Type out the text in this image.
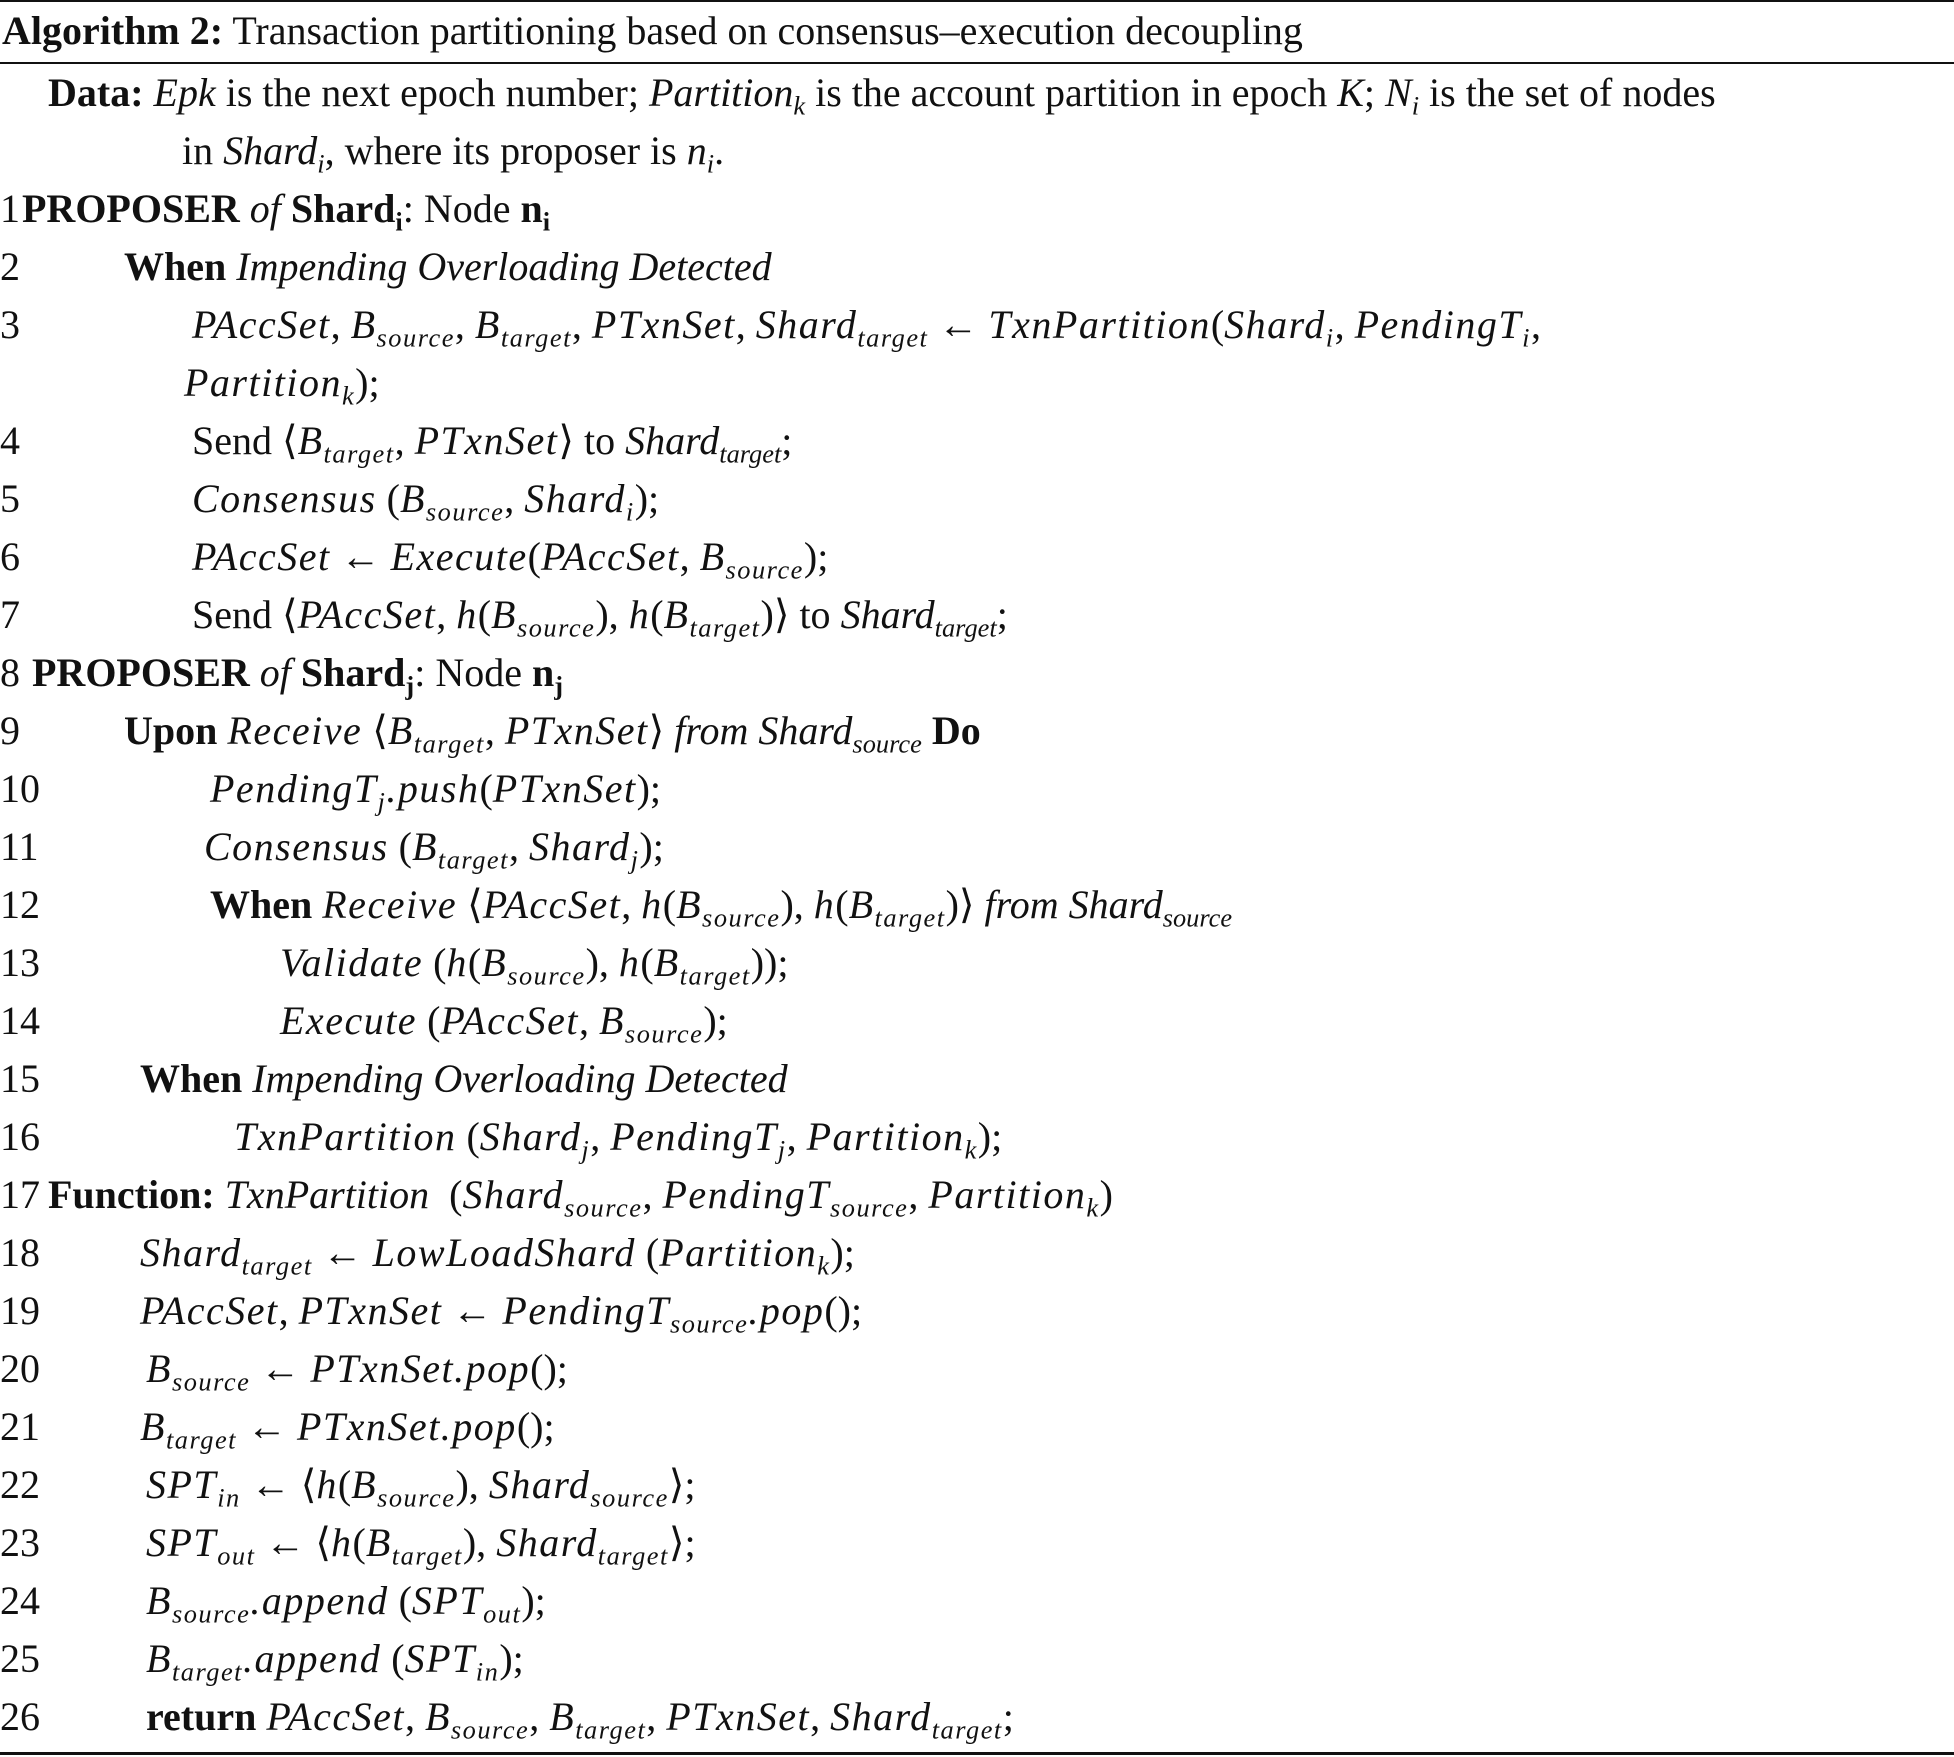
Algorithm 2: Transaction partitioning based on consensus–execution decoupling
Data: Epk is the next epoch number; Partition$_k$ is the account partition in epoch K; $N_i$ is the set of nodes
in Shard$_i$, where its proposer is $n_i$.
1 PROPOSER of Shard$_i$: Node $n_i$
2	When Impending Overloading Detected
3	PAccSet, $B_{source}$, $B_{target}$, PTxnSet, Shard$_{target}$ ← TxnPartition(Shard$_i$, PendingT$_i$,
Partition$_k$);
4	Send $⟨B_{target}$, PTxnSet⟩ to Shard$_{target}$;
5	Consensus ($B_{source}$, Shard$_i$);
6	PAccSet ← Execute(PAccSet, $B_{source}$);
7	Send ⟨PAccSet, $h(B_{source})$, $h(B_{target})⟩$ to Shard$_{target}$;
8 PROPOSER of Shard$_j$: Node $n_j$
9	Upon Receive $⟨B_{target}$, PTxnSet⟩ from Shard$_{source}$ Do
10	PendingT$_j$.push(PTxnSet);
11	Consensus ($B_{target}$, Shard$_j$);
12	When Receive ⟨PAccSet, $h(B_{source})$, $h(B_{target})⟩$ from Shard$_{source}$
13	Validate ($h(B_{source})$, $h(B_{target})$);
14	Execute (PAccSet, $B_{source}$);
15	When Impending Overloading Detected
16	TxnPartition (Shard$_j$, PendingT$_j$, Partition$_k$);
17 Function: TxnPartition  (Shard$_{source}$, PendingT$_{source}$, Partition$_k$)
18	Shard$_{target}$ ← LowLoadShard (Partition$_k$);
19	PAccSet, PTxnSet ← PendingT$_{source}$.pop();
20	$B_{source}$ ← PTxnSet.pop();
21	$B_{target}$ ← PTxnSet.pop();
22	$SPT_{in}$ ← $⟨h(B_{source})$, Shard$_{source}$⟩;
23	$SPT_{out}$ ← $⟨h(B_{target})$, Shard$_{target}$⟩;
24	$B_{source}.append$ $(SPT_{out})$;
25	$B_{target}.append$ $(SPT_{in})$;
26	return PAccSet, $B_{source}$, $B_{target}$, PTxnSet, Shard$_{target}$;
